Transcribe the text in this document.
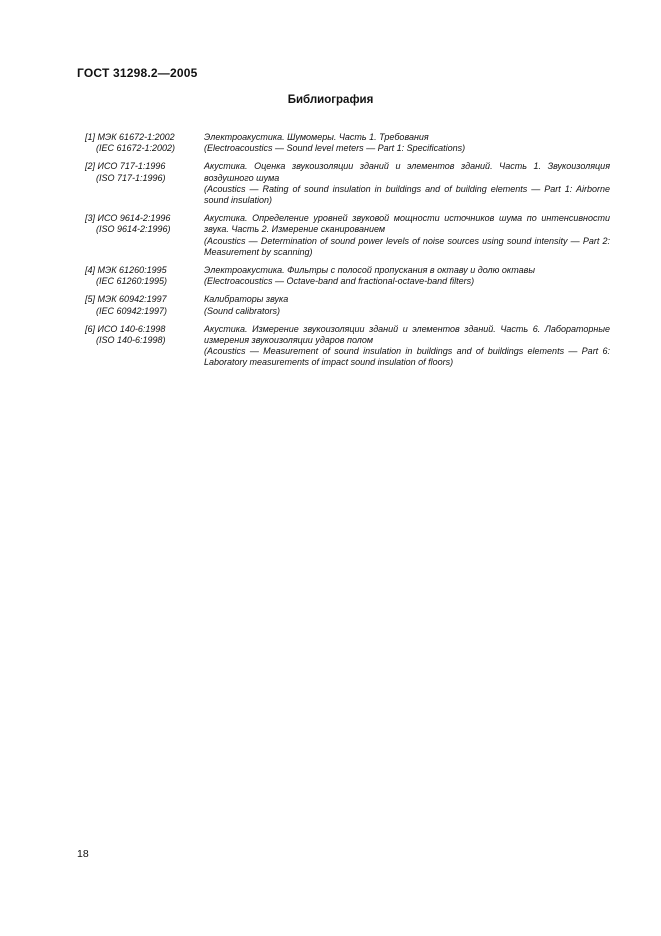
ГОСТ 31298.2—2005
Библиография
[1] МЭК 61672-1:2002
(IEC 61672-1:2002)
Электроакустика. Шумомеры. Часть 1. Требования
(Electroacoustics — Sound level meters — Part 1: Specifications)
[2] ИСО 717-1:1996
(ISO 717-1:1996)
Акустика. Оценка звукоизоляции зданий и элементов зданий. Часть 1. Звукоизоляция воздушного шума
(Acoustics — Rating of sound insulation in buildings and of building elements — Part 1: Airborne sound insulation)
[3] ИСО 9614-2:1996
(ISO 9614-2:1996)
Акустика. Определение уровней звуковой мощности источников шума по интенсивности звука. Часть 2. Измерение сканированием
(Acoustics — Determination of sound power levels of noise sources using sound intensity — Part 2: Measurement by scanning)
[4] МЭК 61260:1995
(IEC 61260:1995)
Электроакустика. Фильтры с полосой пропускания в октаву и долю октавы
(Electroacoustics — Octave-band and fractional-octave-band filters)
[5] МЭК 60942:1997
(IEC 60942:1997)
Калибраторы звука
(Sound calibrators)
[6] ИСО 140-6:1998
(ISO 140-6:1998)
Акустика. Измерение звукоизоляции зданий и элементов зданий. Часть 6. Лабораторные измерения звукоизоляции ударов полом
(Acoustics — Measurement of sound insulation in buildings and of buildings elements — Part 6: Laboratory measurements of impact sound insulation of floors)
18
